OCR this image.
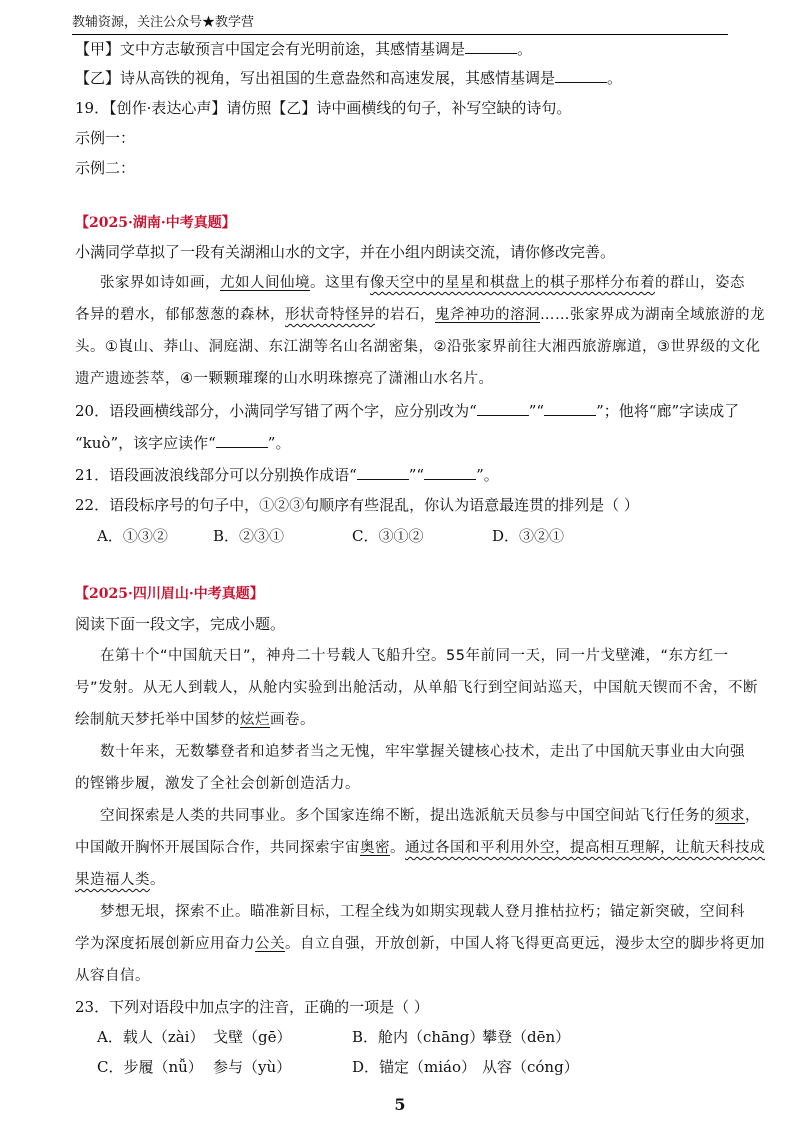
教辅资源，关注公众号★教学营
【甲】文中方志敏预言中国定会有光明前途，其感情基调是	。
【乙】诗从高铁的视角，写出祖国的生意盎然和高速发展，其感情基调是	。
19．【创作·表达心声】请仿照【乙】诗中画横线的句子，补写空缺的诗句。
示例一：
示例二：
【2025·湖南·中考真题】
小满同学草拟了一段有关湖湘山水的文字，并在小组内朗读交流，请你修改完善。
张家界如诗如画，尤如人间仙境。这里有像天空中的星星和棋盘上的棋子那样分布着的群山，姿态
各异的碧水，郁郁葱葱的森林，形状奇特怪异的岩石，鬼斧神功的溶洞……张家界成为湖南全域旅游的龙
头。①崀山、莽山、洞庭湖、东江湖等名山名湖密集，②沿张家界前往大湘西旅游廓道，③世界级的文化
遗产遗迹荟萃，④一颗颗璀璨的山水明珠擦亮了潇湘山水名片。
20．语段画横线部分，小满同学写错了两个字，应分别改为“	”“	”；他将“廊”字读成了
“kuò”，该字应读作“	”。
21．语段画波浪线部分可以分别换作成语“	”“	”。
22．语段标序号的句子中，①②③句顺序有些混乱，你认为语意最连贯的排列是（ ）
A．①③②	B．②③①	C．③①②	D．③②①
【2025·四川眉山·中考真题】
阅读下面一段文字，完成小题。
在第十个“中国航天日”，神舟二十号载人飞船升空。55年前同一天，同一片戈壁滩，“东方红一
号”发射。从无人到载人，从舱内实验到出舱活动，从单船飞行到空间站巡天，中国航天锲而不舍，不断
绘制航天梦托举中国梦的炫烂画卷。
数十年来，无数攀登者和追梦者当之无愧，牢牢掌握关键核心技术，走出了中国航天事业由大向强
的铿锵步履，激发了全社会创新创造活力。
空间探索是人类的共同事业。多个国家连绵不断，提出选派航天员参与中国空间站飞行任务的须求，
中国敞开胸怀开展国际合作，共同探索宇宙奥密。通过各国和平利用外空，提高相互理解，让航天科技成
果造福人类。
梦想无垠，探索不止。瞄准新目标，工程全线为如期实现载人登月推枯拉朽；锚定新突破，空间科
学为深度拓展创新应用奋力公关。自立自强，开放创新，中国人将飞得更高更远，漫步太空的脚步将更加
从容自信。
23．下列对语段中加点字的注音，正确的一项是（ ）
A．载人（zài） 戈壁（gē）	B．舱内（chāng）
攀登（dēn）
C．步履（nǚ） 参与（yù）	D．锚定（miáo） 从容（cóng）
5
